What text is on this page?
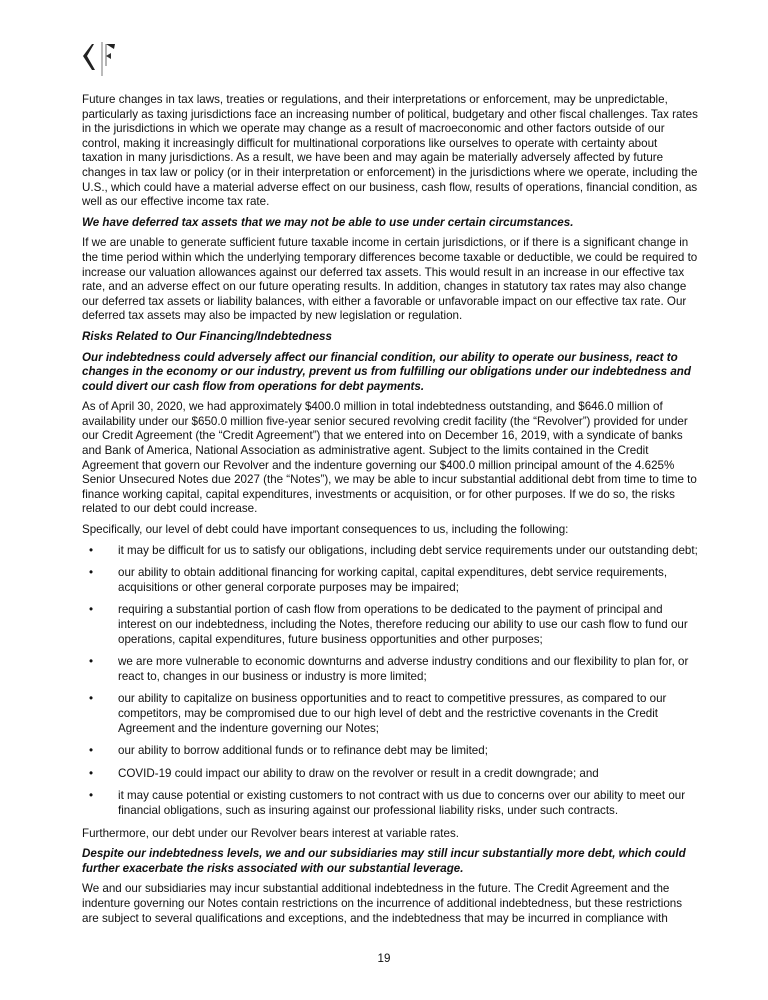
Future changes in tax laws, treaties or regulations, and their interpretations or enforcement, may be unpredictable, particularly as taxing jurisdictions face an increasing number of political, budgetary and other fiscal challenges. Tax rates in the jurisdictions in which we operate may change as a result of macroeconomic and other factors outside of our control, making it increasingly difficult for multinational corporations like ourselves to operate with certainty about taxation in many jurisdictions. As a result, we have been and may again be materially adversely affected by future changes in tax law or policy (or in their interpretation or enforcement) in the jurisdictions where we operate, including the U.S., which could have a material adverse effect on our business, cash flow, results of operations, financial condition, as well as our effective income tax rate.

We have deferred tax assets that we may not be able to use under certain circumstances.

If we are unable to generate sufficient future taxable income in certain jurisdictions, or if there is a significant change in the time period within which the underlying temporary differences become taxable or deductible, we could be required to increase our valuation allowances against our deferred tax assets. This would result in an increase in our effective tax rate, and an adverse effect on our future operating results. In addition, changes in statutory tax rates may also change our deferred tax assets or liability balances, with either a favorable or unfavorable impact on our effective tax rate. Our deferred tax assets may also be impacted by new legislation or regulation.

Risks Related to Our Financing/Indebtedness

Our indebtedness could adversely affect our financial condition, our ability to operate our business, react to changes in the economy or our industry, prevent us from fulfilling our obligations under our indebtedness and could divert our cash flow from operations for debt payments.

As of April 30, 2020, we had approximately $400.0 million in total indebtedness outstanding, and $646.0 million of availability under our $650.0 million five-year senior secured revolving credit facility (the “Revolver”) provided for under our Credit Agreement (the “Credit Agreement”) that we entered into on December 16, 2019, with a syndicate of banks and Bank of America, National Association as administrative agent. Subject to the limits contained in the Credit Agreement that govern our Revolver and the indenture governing our $400.0 million principal amount of the 4.625% Senior Unsecured Notes due 2027 (the “Notes”), we may be able to incur substantial additional debt from time to time to finance working capital, capital expenditures, investments or acquisition, or for other purposes. If we do so, the risks related to our debt could increase.

Specifically, our level of debt could have important consequences to us, including the following:

• it may be difficult for us to satisfy our obligations, including debt service requirements under our outstanding debt;
• our ability to obtain additional financing for working capital, capital expenditures, debt service requirements, acquisitions or other general corporate purposes may be impaired;
• requiring a substantial portion of cash flow from operations to be dedicated to the payment of principal and interest on our indebtedness, including the Notes, therefore reducing our ability to use our cash flow to fund our operations, capital expenditures, future business opportunities and other purposes;
• we are more vulnerable to economic downturns and adverse industry conditions and our flexibility to plan for, or react to, changes in our business or industry is more limited;
• our ability to capitalize on business opportunities and to react to competitive pressures, as compared to our competitors, may be compromised due to our high level of debt and the restrictive covenants in the Credit Agreement and the indenture governing our Notes;
• our ability to borrow additional funds or to refinance debt may be limited;
• COVID-19 could impact our ability to draw on the revolver or result in a credit downgrade; and
• it may cause potential or existing customers to not contract with us due to concerns over our ability to meet our financial obligations, such as insuring against our professional liability risks, under such contracts.

Furthermore, our debt under our Revolver bears interest at variable rates.

Despite our indebtedness levels, we and our subsidiaries may still incur substantially more debt, which could further exacerbate the risks associated with our substantial leverage.

We and our subsidiaries may incur substantial additional indebtedness in the future. The Credit Agreement and the indenture governing our Notes contain restrictions on the incurrence of additional indebtedness, but these restrictions are subject to several qualifications and exceptions, and the indebtedness that may be incurred in compliance with

19
